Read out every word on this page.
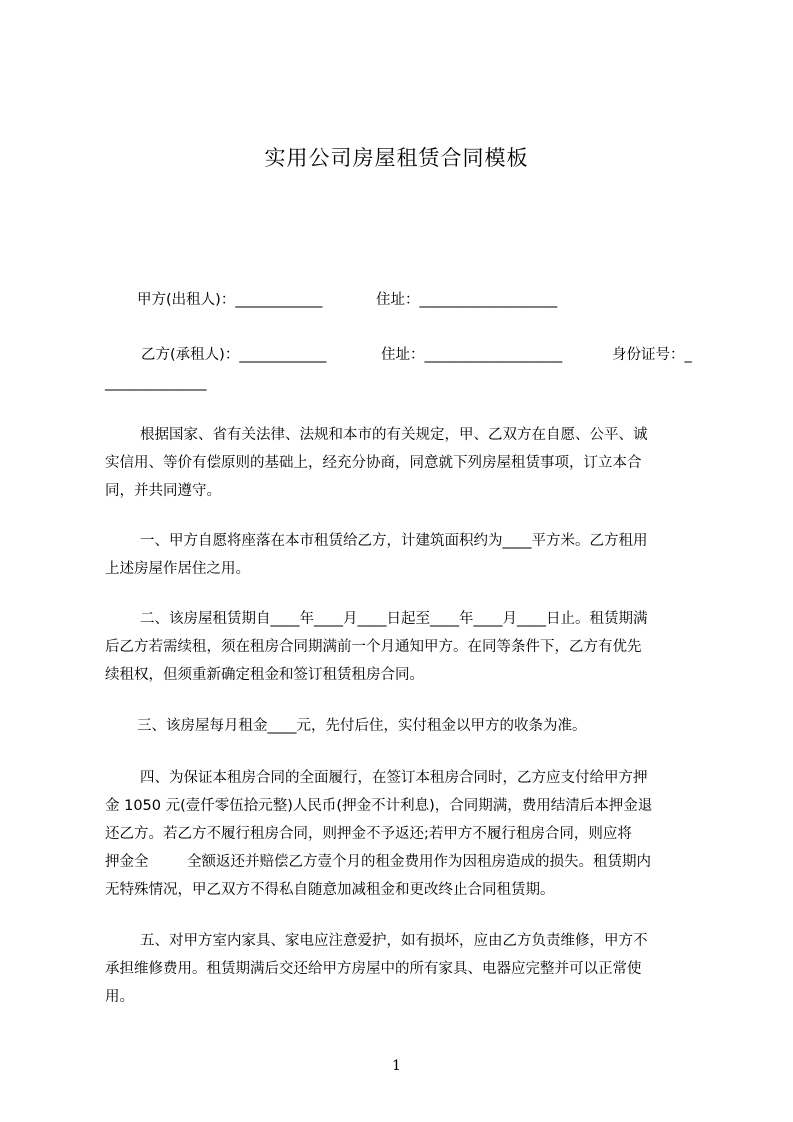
实用公司房屋租赁合同模板
甲方(出租人)：____________	住址：___________________
乙方(承租人)：____________	住址：___________________	身份证号：_
______________
根据国家、省有关法律、法规和本市的有关规定，甲、乙双方在自愿、公平、诚
实信用、等价有偿原则的基础上，经充分协商，同意就下列房屋租赁事项，订立本合
同，并共同遵守。
一、甲方自愿将座落在本市租赁给乙方，计建筑面积约为____平方米。乙方租用
上述房屋作居住之用。
二、该房屋租赁期自____年____月____日起至____年____月____日止。租赁期满
后乙方若需续租，须在租房合同期满前一个月通知甲方。在同等条件下，乙方有优先
续租权，但须重新确定租金和签订租赁租房合同。
三、该房屋每月租金____元，先付后住，实付租金以甲方的收条为准。
四、为保证本租房合同的全面履行，在签订本租房合同时，乙方应支付给甲方押
金 1050 元(壹仟零伍拾元整)人民币(押金不计利息)，合同期满，费用结清后本押金退
还乙方。若乙方不履行租房合同，则押金不予返还;若甲方不履行租房合同，则应将
押金全	全额返还并赔偿乙方壹个月的租金费用作为因租房造成的损失。租赁期内
无特殊情况，甲乙双方不得私自随意加减租金和更改终止合同租赁期。
五、对甲方室内家具、家电应注意爱护，如有损坏，应由乙方负责维修，甲方不
承担维修费用。租赁期满后交还给甲方房屋中的所有家具、电器应完整并可以正常使
用。
1
